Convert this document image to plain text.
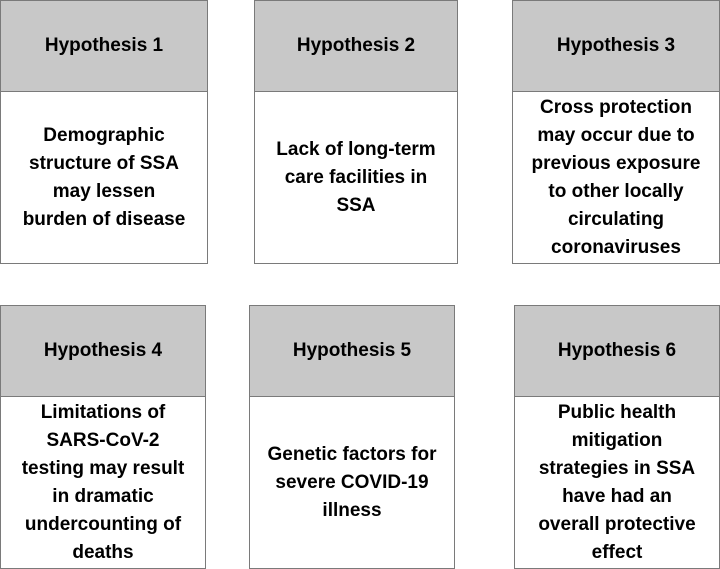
Hypothesis 1
Demographic
structure of SSA
may lessen
burden of disease
Hypothesis 2
Lack of long-term
care facilities in
SSA
Hypothesis 3
Cross protection
may occur due to
previous exposure
to other locally
circulating
coronaviruses
Hypothesis 4
Limitations of
SARS-CoV-2
testing may result
in dramatic
undercounting of
deaths
Hypothesis 5
Genetic factors for
severe COVID-19
illness
Hypothesis 6
Public health
mitigation
strategies in SSA
have had an
overall protective
effect
